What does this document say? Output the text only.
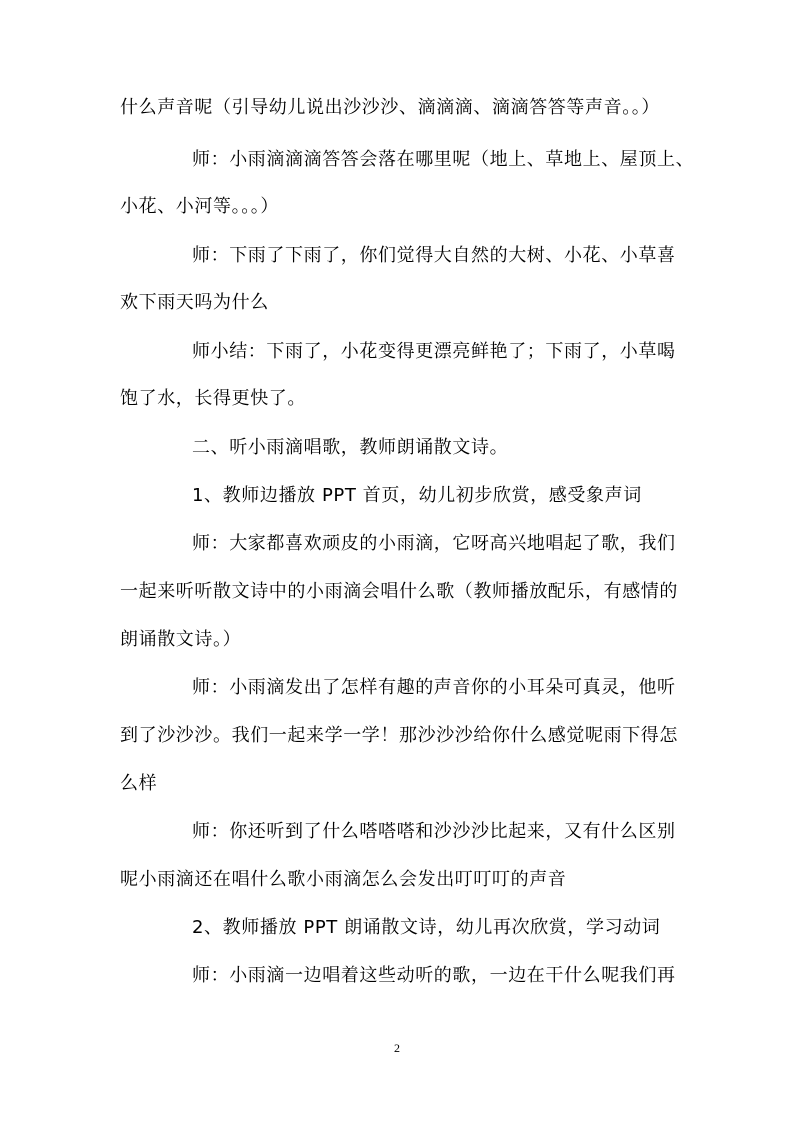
什么声音呢（引导幼儿说出沙沙沙、滴滴滴、滴滴答答等声音。。）
师：小雨滴滴滴答答会落在哪里呢（地上、草地上、屋顶上、
小花、小河等。。。）
师：下雨了下雨了，你们觉得大自然的大树、小花、小草喜
欢下雨天吗为什么
师小结：下雨了，小花变得更漂亮鲜艳了；下雨了，小草喝
饱了水，长得更快了。
二、听小雨滴唱歌，教师朗诵散文诗。
1、教师边播放 PPT 首页，幼儿初步欣赏，感受象声词
师：大家都喜欢顽皮的小雨滴，它呀高兴地唱起了歌，我们
一起来听听散文诗中的小雨滴会唱什么歌（教师播放配乐，有感情的
朗诵散文诗。）
师：小雨滴发出了怎样有趣的声音你的小耳朵可真灵，他听
到了沙沙沙。我们一起来学一学！那沙沙沙给你什么感觉呢雨下得怎
么样
师：你还听到了什么嗒嗒嗒和沙沙沙比起来，又有什么区别
呢小雨滴还在唱什么歌小雨滴怎么会发出叮叮叮的声音
2、教师播放 PPT 朗诵散文诗，幼儿再次欣赏，学习动词
师：小雨滴一边唱着这些动听的歌，一边在干什么呢我们再
2
